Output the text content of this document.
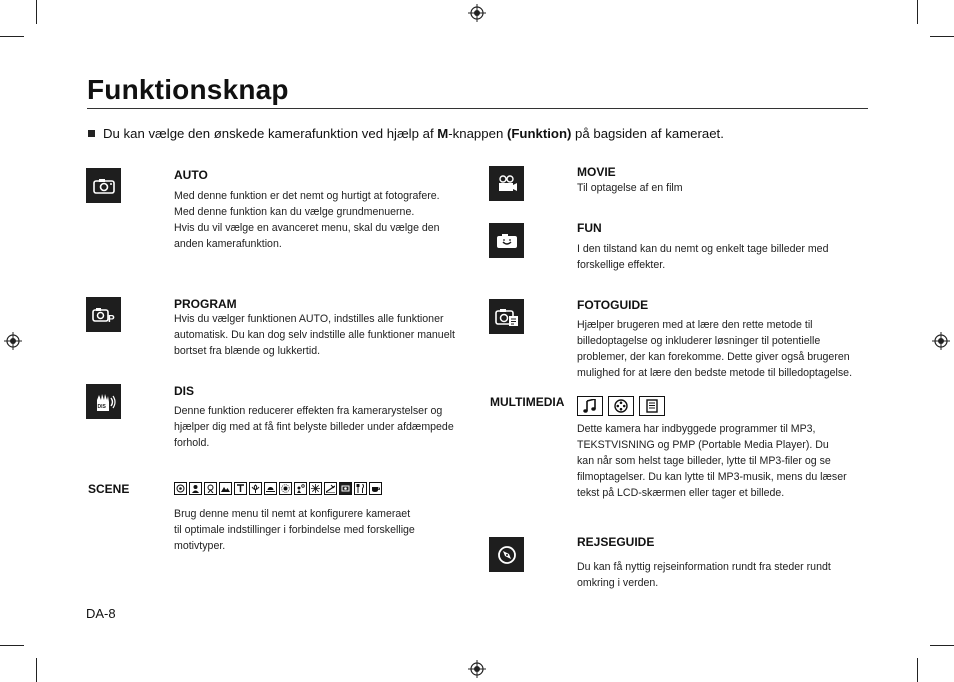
Funktionsknap
Du kan vælge den ønskede kamerafunktion ved hjælp af M-knappen (Funktion) på bagsiden af kameraet.
AUTO

Med denne funktion er det nemt og hurtigt at fotografere.

Med denne funktion kan du vælge grundmenuerne.

Hvis du vil vælge en avanceret menu, skal du vælge den

anden kamerafunktion.

P
PROGRAM

Hvis du vælger funktionen AUTO, indstilles alle funktioner

automatisk. Du kan dog selv indstille alle funktioner manuelt

bortset fra blænde og lukkertid.

DIS
DIS

Denne funktion reducerer effekten fra kamerarystelser og

hjælper dig med at få fint belyste billeder under afdæmpede

forhold.

SCENE

Brug denne menu til nemt at konfigurere kameraet

til optimale indstillinger i forbindelse med forskellige

motivtyper.

MOVIE

Til optagelse af en film

FUN

I den tilstand kan du nemt og enkelt tage billeder med

forskellige effekter.

FOTOGUIDE

Hjælper brugeren med at lære den rette metode til

billedoptagelse og inkluderer løsninger til potentielle

problemer, der kan forekomme. Dette giver også brugeren

mulighed for at lære den bedste metode til billedoptagelse.

MULTIMEDIA

Dette kamera har indbyggede programmer til MP3,

TEKSTVISNING og PMP (Portable Media Player). Du

kan når som helst tage billeder, lytte til MP3-filer og se

filmoptagelser. Du kan lytte til MP3-musik, mens du læser

tekst på LCD-skærmen eller tager et billede.

REJSEGUIDE

Du kan få nyttig rejseinformation rundt fra steder rundt

omkring i verden.

DA-8
